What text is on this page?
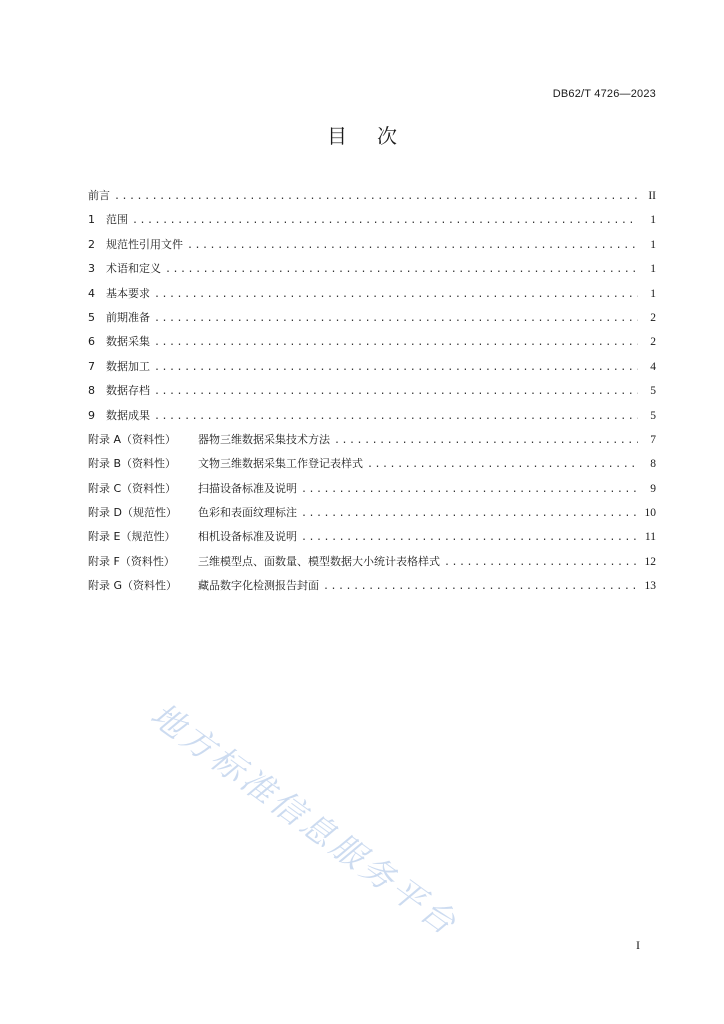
DB62/T 4726—2023
目次
前言 .....	II
1	范围 .....	1
2	规范性引用文件 .....	1
3	术语和定义 .....	1
4	基本要求 .....	1
5	前期准备 .....	2
6	数据采集 .....	2
7	数据加工 .....	4
8	数据存档 .....	5
9	数据成果 .....	5
附录 A（资料性）	器物三维数据采集技术方法 .....	7
附录 B（资料性）	文物三维数据采集工作登记表样式 .....	8
附录 C（资料性）	扫描设备标准及说明 .....	9
附录 D（规范性）	色彩和表面纹理标注 .....	10
附录 E（规范性）	相机设备标准及说明 .....	11
附录 F（资料性）	三维模型点、面数量、模型数据大小统计表格样式 .....	12
附录 G（资料性）	藏品数字化检测报告封面 .....	13
地方标准信息服务平台
I
